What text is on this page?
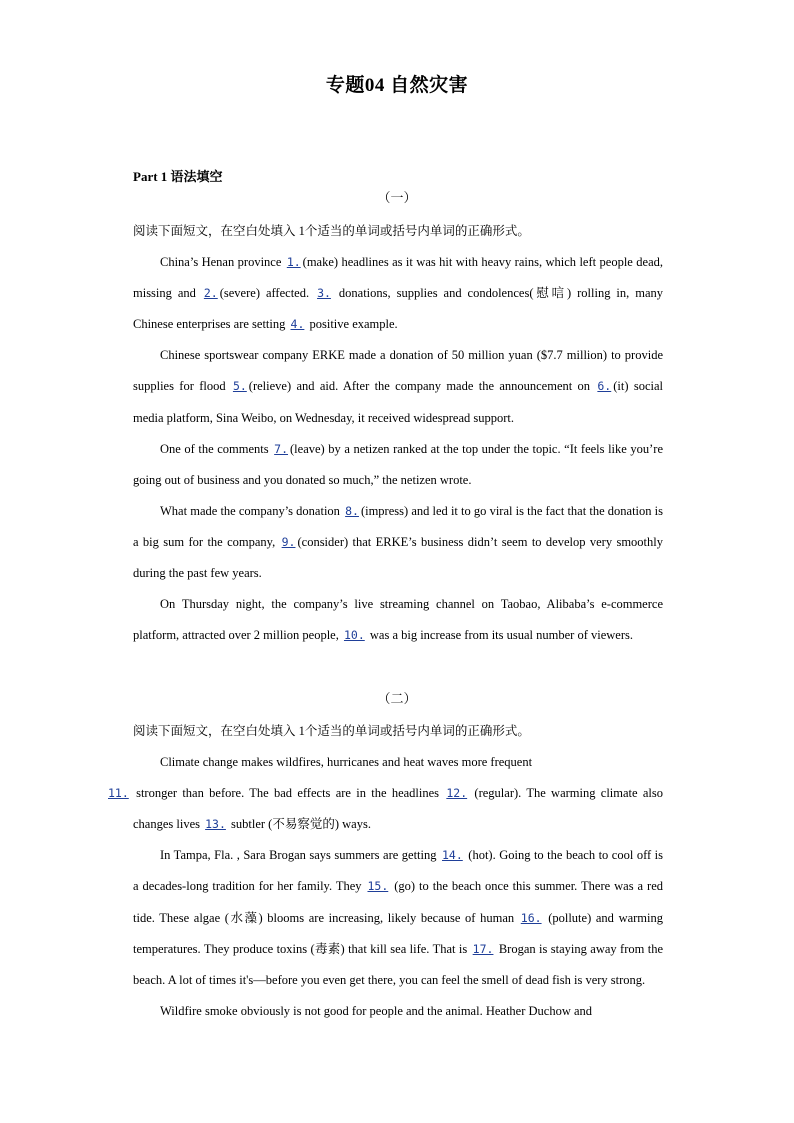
专题04 自然灾害
Part 1 语法填空
（一）

阅读下面短文，在空白处填入 1个适当的单词或括号内单词的正确形式。

China’s Henan province 1. (make) headlines as it was hit with heavy rains, which left people dead, missing and 2. (severe) affected. 3. donations, supplies and condolences(慰唁) rolling in, many Chinese enterprises are setting 4. positive example.

Chinese sportswear company ERKE made a donation of 50 million yuan ($7.7 million) to provide supplies for flood 5. (relieve) and aid. After the company made the announcement on 6. (it) social media platform, Sina Weibo, on Wednesday, it received widespread support.

One of the comments 7. (leave) by a netizen ranked at the top under the topic. “It feels like you’re going out of business and you donated so much,” the netizen wrote.

What made the company’s donation 8. (impress) and led it to go viral is the fact that the donation is a big sum for the company, 9. (consider) that ERKE’s business didn’t seem to develop very smoothly during the past few years.

On Thursday night, the company’s live streaming channel on Taobao, Alibaba’s e-commerce platform, attracted over 2 million people, 10. was a big increase from its usual number of viewers.

（二）

阅读下面短文，在空白处填入 1个适当的单词或括号内单词的正确形式。

Climate change makes wildfires, hurricanes and heat waves more frequent
11. stronger than before. The bad effects are in the headlines 12. (regular). The warming climate also changes lives 13. subtler (不易察觉的) ways.

In Tampa, Fla. , Sara Brogan says summers are getting 14. (hot). Going to the beach to cool off is a decades-long tradition for her family. They 15. (go) to the beach once this summer. There was a red tide. These algae (水藻) blooms are increasing, likely because of human 16. (pollute) and warming temperatures. They produce toxins (毒素) that kill sea life. That is 17. Brogan is staying away from the beach. A lot of times it's—before you even get there, you can feel the smell of dead fish is very strong.

Wildfire smoke obviously is not good for people and the animal. Heather Duchow and
